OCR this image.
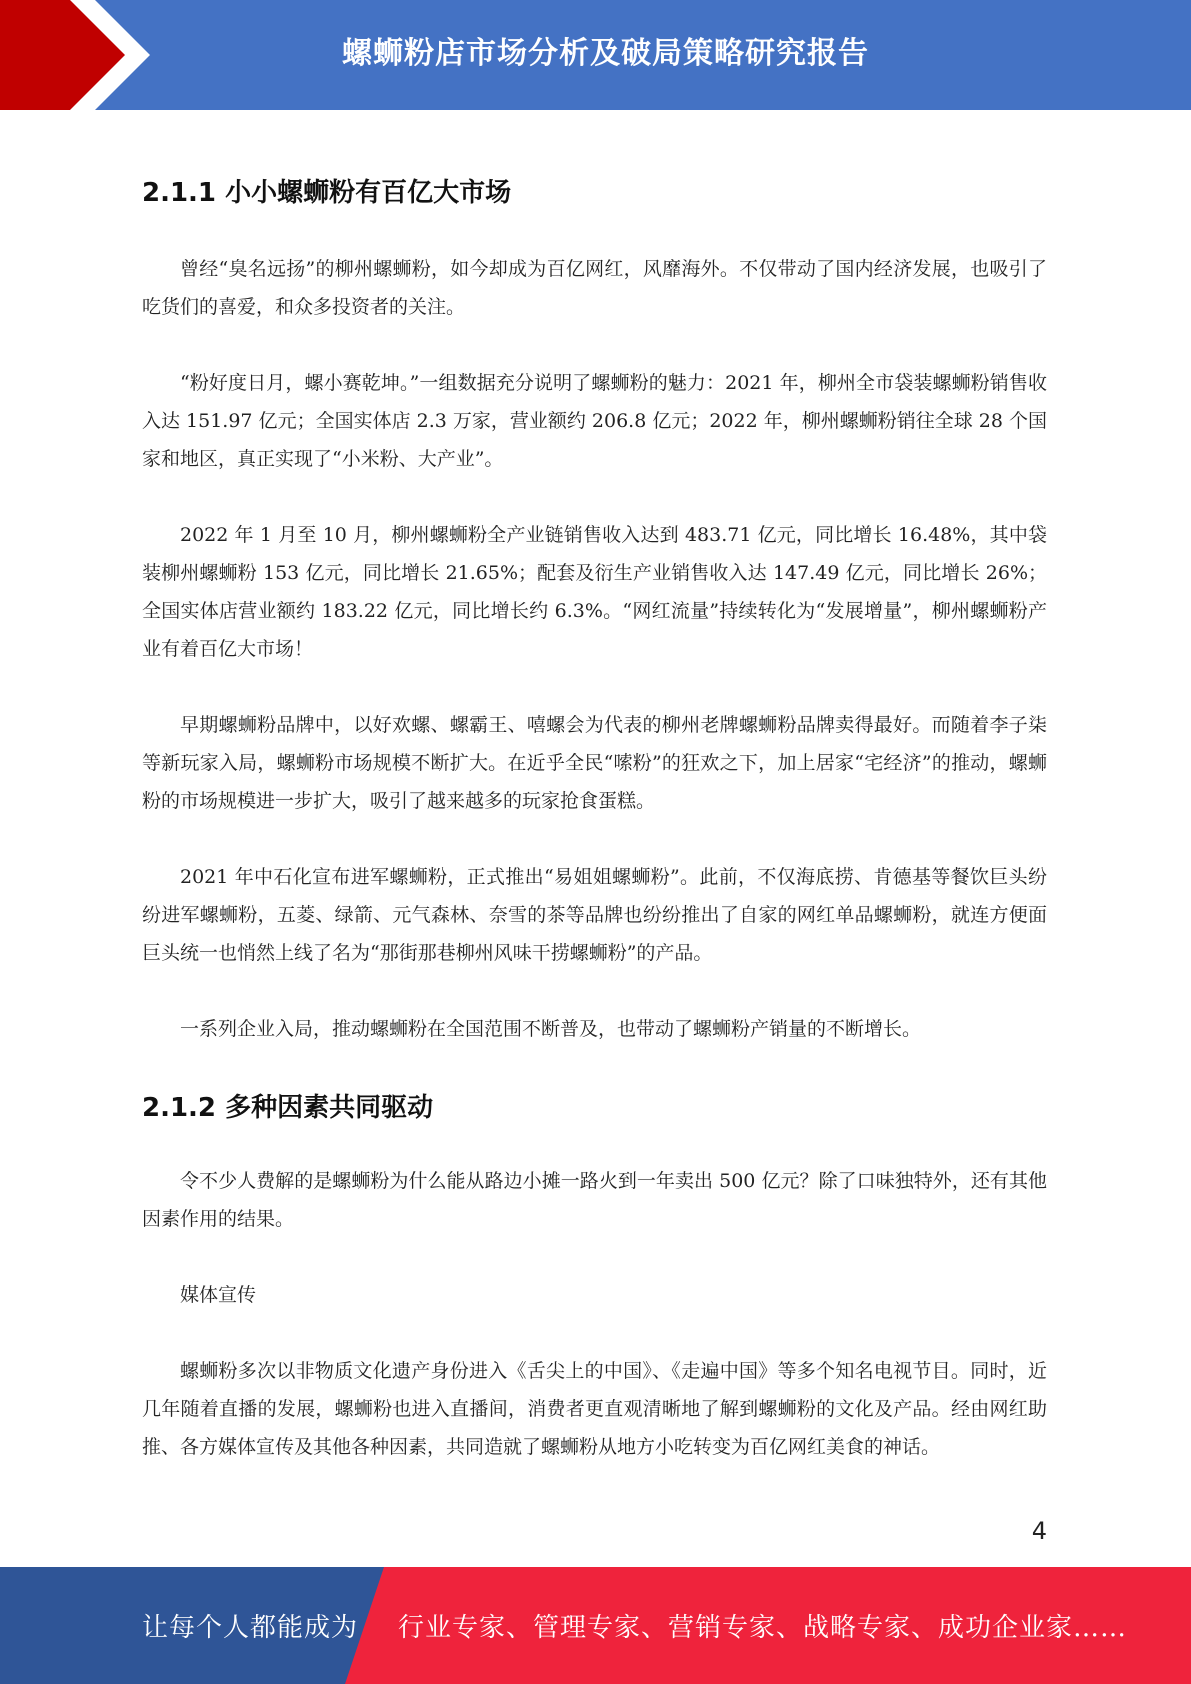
螺蛳粉店市场分析及破局策略研究报告
2.1.1 小小螺蛳粉有百亿大市场

曾经“臭名远扬”的柳州螺蛳粉，如今却成为百亿网红，风靡海外。不仅带动了国内经济发展，也吸引了吃货们的喜爱，和众多投资者的关注。

“粉好度日月，螺小赛乾坤。”一组数据充分说明了螺蛳粉的魅力：2021 年，柳州全市袋装螺蛳粉销售收入达 151.97 亿元；全国实体店 2.3 万家，营业额约 206.8 亿元；2022 年，柳州螺蛳粉销往全球 28 个国家和地区，真正实现了“小米粉、大产业”。

2022 年 1 月至 10 月，柳州螺蛳粉全产业链销售收入达到 483.71 亿元，同比增长 16.48%，其中袋装柳州螺蛳粉 153 亿元，同比增长 21.65%；配套及衍生产业销售收入达 147.49 亿元，同比增长 26%；全国实体店营业额约 183.22 亿元，同比增长约 6.3%。“网红流量”持续转化为“发展增量”，柳州螺蛳粉产业有着百亿大市场！

早期螺蛳粉品牌中，以好欢螺、螺霸王、嘻螺会为代表的柳州老牌螺蛳粉品牌卖得最好。而随着李子柒等新玩家入局，螺蛳粉市场规模不断扩大。在近乎全民“嗦粉”的狂欢之下，加上居家“宅经济”的推动，螺蛳粉的市场规模进一步扩大，吸引了越来越多的玩家抢食蛋糕。

2021 年中石化宣布进军螺蛳粉，正式推出“易姐姐螺蛳粉”。此前，不仅海底捞、肯德基等餐饮巨头纷纷进军螺蛳粉，五菱、绿箭、元气森林、奈雪的茶等品牌也纷纷推出了自家的网红单品螺蛳粉，就连方便面巨头统一也悄然上线了名为“那街那巷柳州风味干捞螺蛳粉”的产品。

一系列企业入局，推动螺蛳粉在全国范围不断普及，也带动了螺蛳粉产销量的不断增长。

2.1.2 多种因素共同驱动

令不少人费解的是螺蛳粉为什么能从路边小摊一路火到一年卖出 500 亿元？除了口味独特外，还有其他因素作用的结果。

媒体宣传

螺蛳粉多次以非物质文化遗产身份进入《舌尖上的中国》、《走遍中国》等多个知名电视节目。同时，近几年随着直播的发展，螺蛳粉也进入直播间，消费者更直观清晰地了解到螺蛳粉的文化及产品。经由网红助推、各方媒体宣传及其他各种因素，共同造就了螺蛳粉从地方小吃转变为百亿网红美食的神话。

4
让每个人都能成为 行业专家、管理专家、营销专家、战略专家、成功企业家……
